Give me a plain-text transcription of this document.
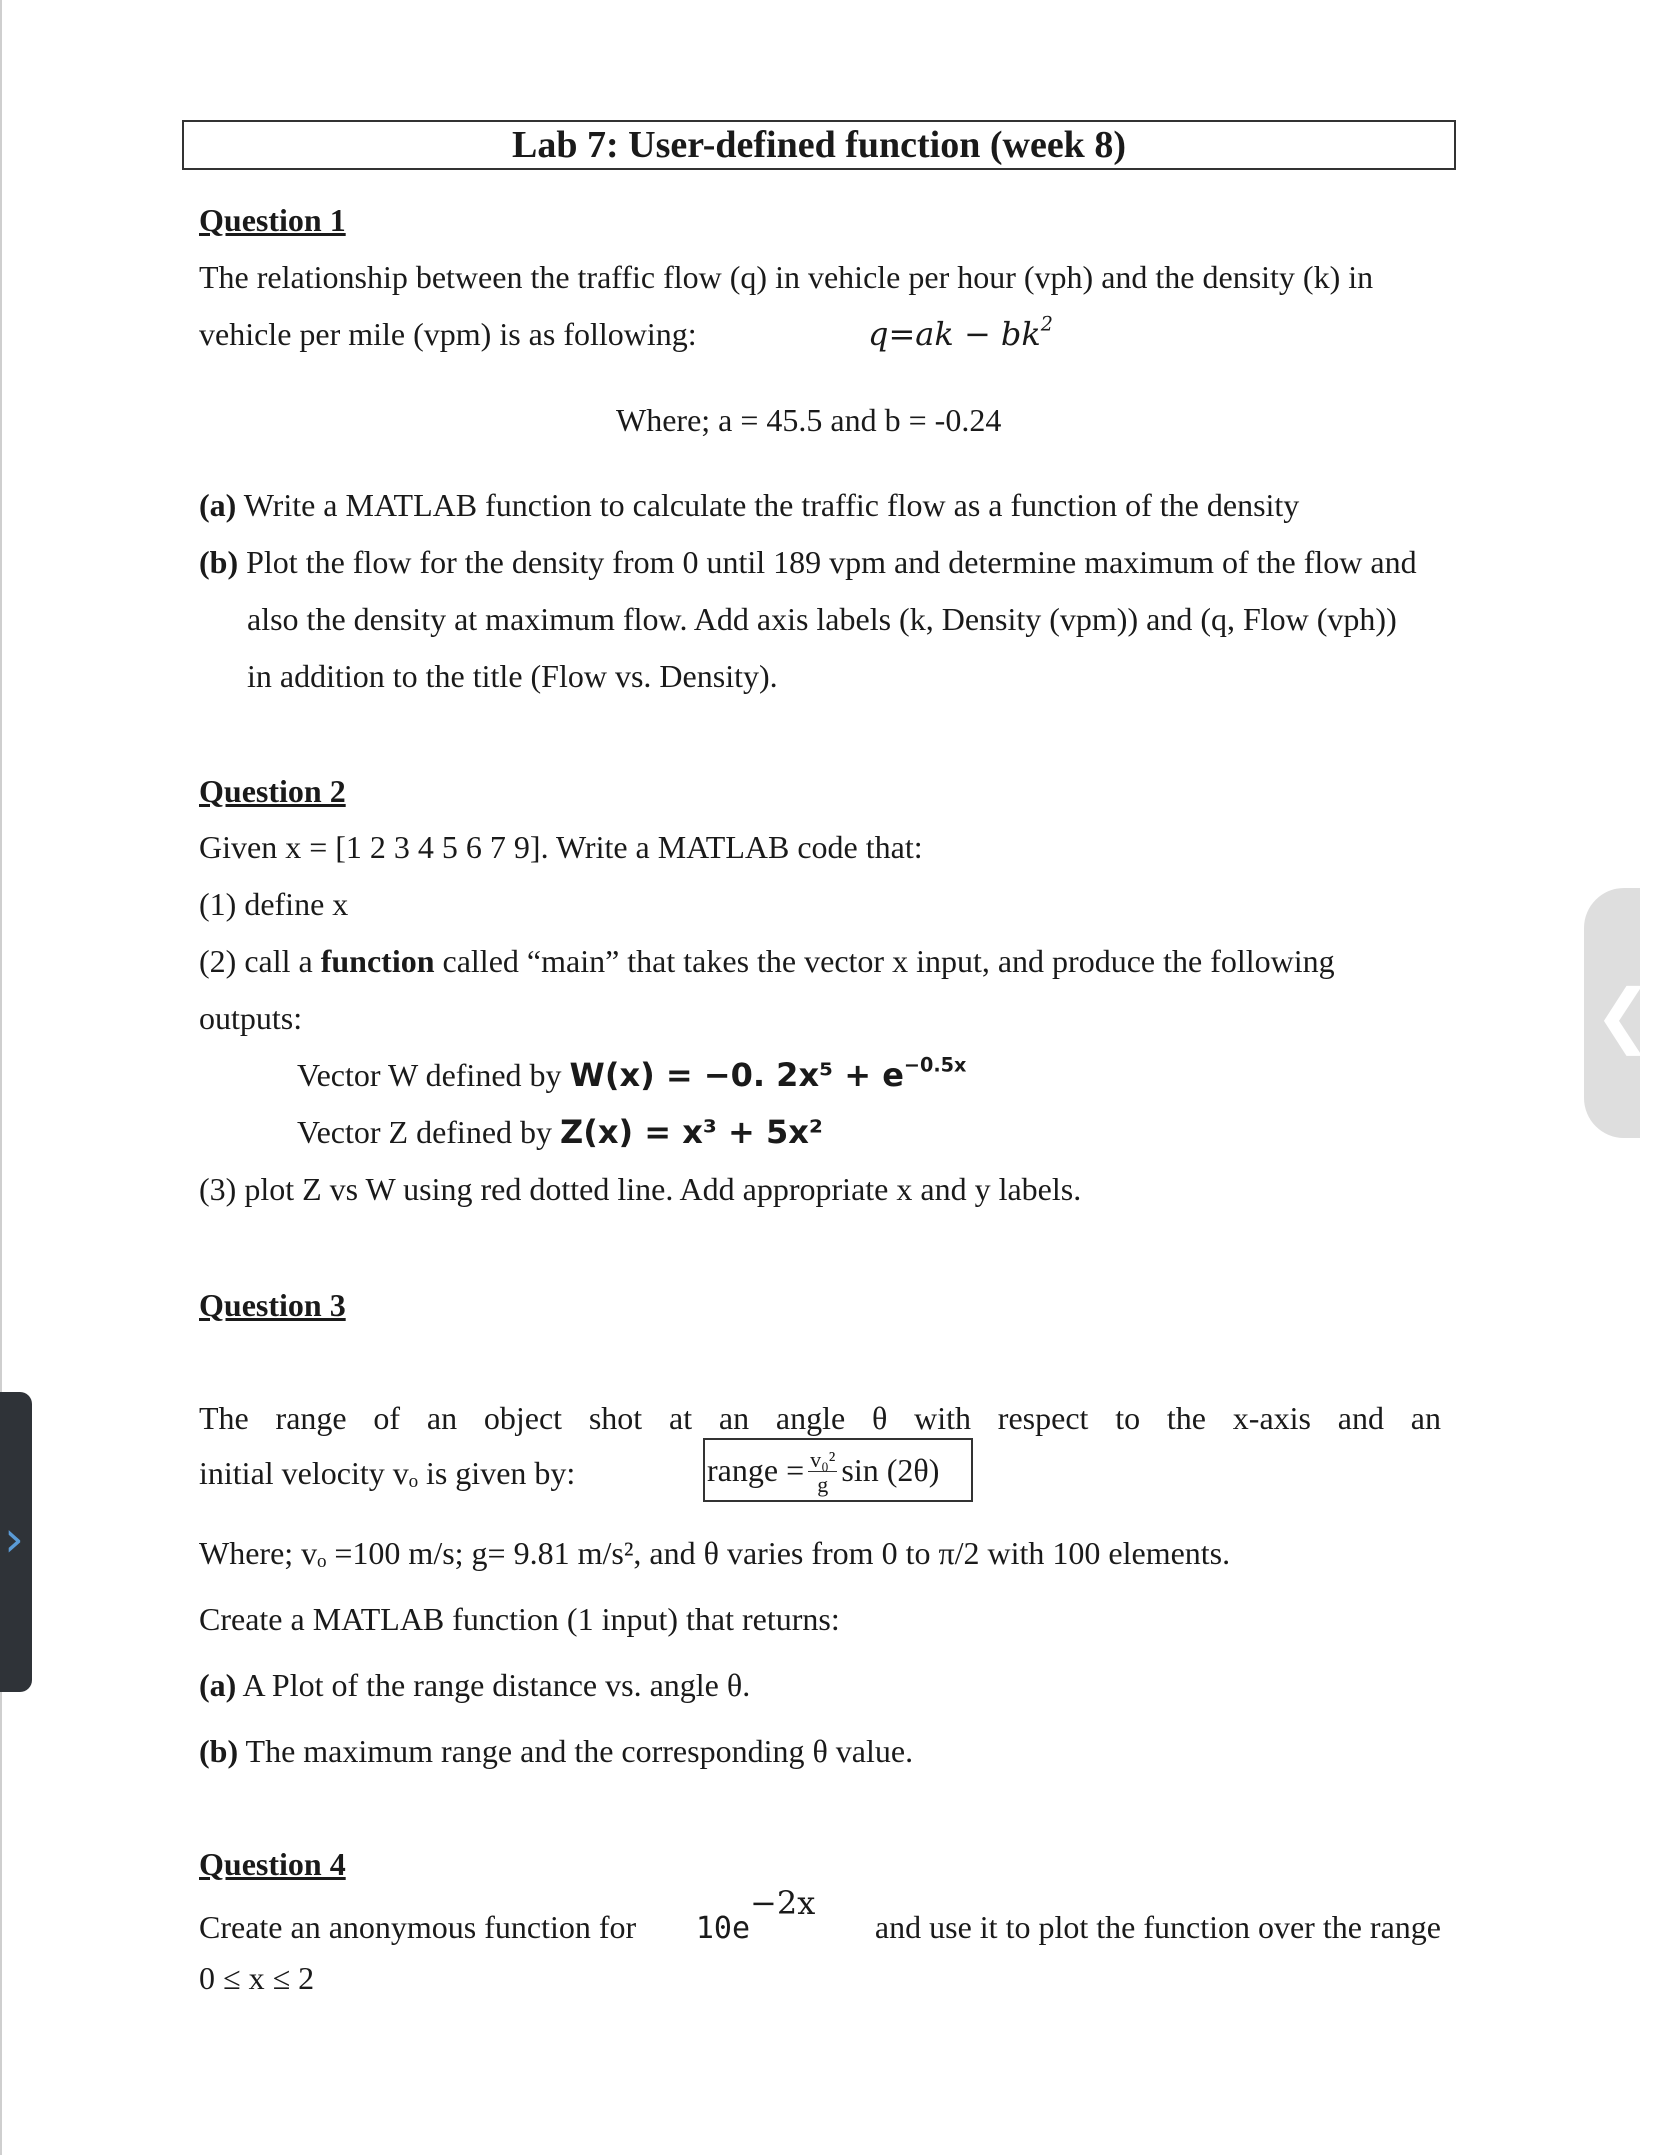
Lab 7: User-defined function (week 8)
Question 1
The relationship between the traffic flow (q) in vehicle per hour (vph) and the density (k) in
vehicle per mile (vpm) is as following:	$q=ak - bk^2$
Where; a = 45.5 and b = -0.24
(a) Write a MATLAB function to calculate the traffic flow as a function of the density
(b) Plot the flow for the density from 0 until 189 vpm and determine maximum of the flow and
also the density at maximum flow. Add axis labels (k, Density (vpm)) and (q, Flow (vph))
in addition to the title (Flow vs. Density).
Question 2
Given x = [1 2 3 4 5 6 7 9]. Write a MATLAB code that:
(1) define x
(2) call a function called “main” that takes the vector x input, and produce the following
outputs:
Vector W defined by W(x) = −0. $2x^5 + e^{-0.5x}$
Vector Z defined by Z(x) = x³ + 5x²
(3) plot Z vs W using red dotted line. Add appropriate x and y labels.
Question 3
The range of an object shot at an angle θ with respect to the x-axis and an
initial velocity vₒ is given by:	range = $\frac{\text{v₀²}}{g}$ sin (2θ)
Where; vₒ =100 m/s; g= 9.81 m/s², and θ varies from 0 to π/2 with 100 elements.
Create a MATLAB function (1 input) that returns:
(a) A Plot of the range distance vs. angle θ.
(b) The maximum range and the corresponding θ value.
Question 4
Create an anonymous function for $10e^{-2x}$
and use it to plot the function over the range
0 ≤ x ≤ 2
❮
›
